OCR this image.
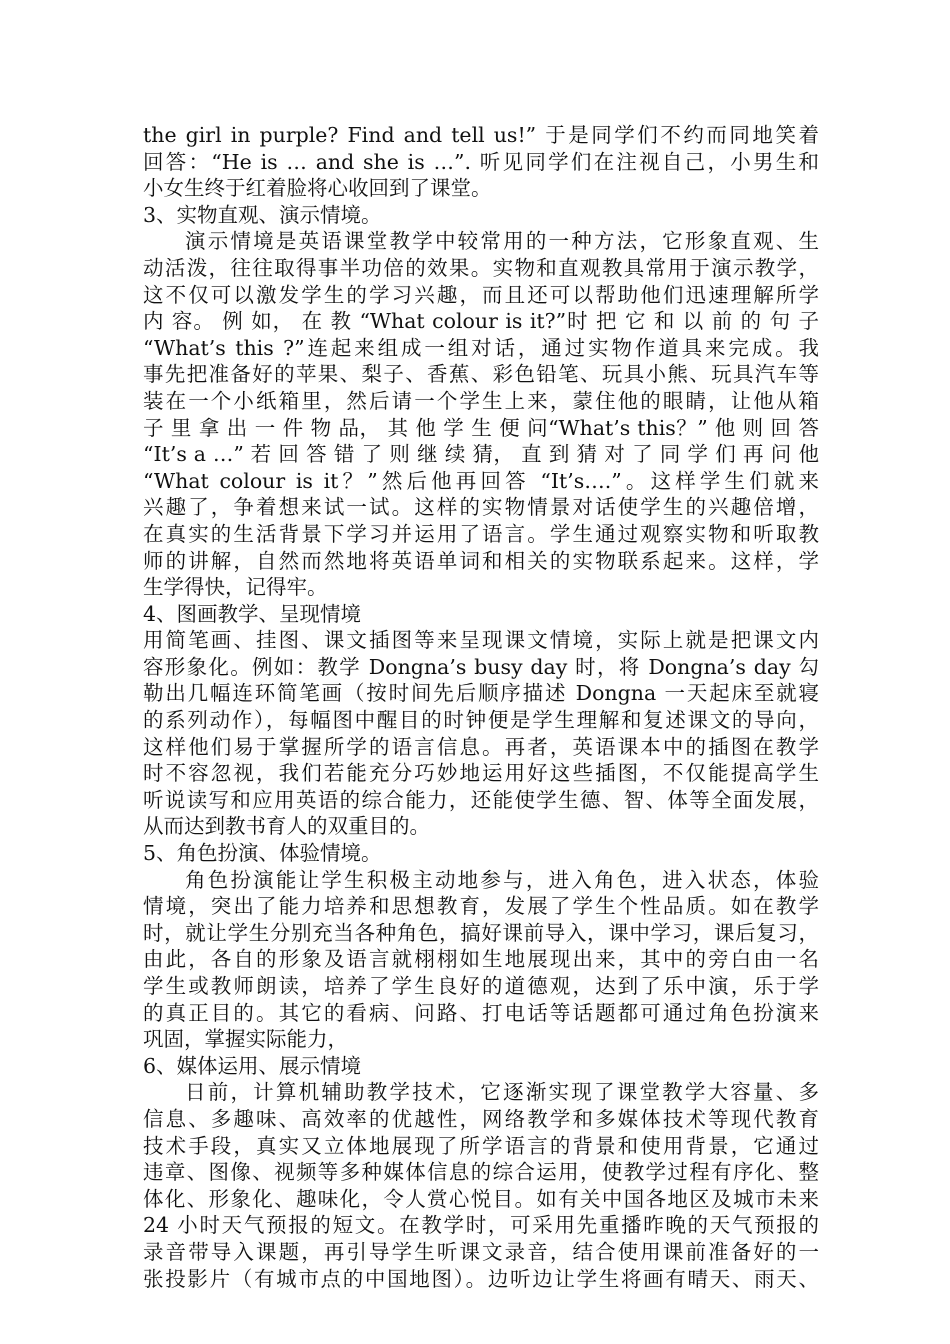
the girl in purple? Find and tell us!” 于是同学们不约而同地笑着
回答：“He is … and she is …”. 听见同学们在注视自己，小男生和
小女生终于红着脸将心收回到了课堂。
3、实物直观、演示情境。
演示情境是英语课堂教学中较常用的一种方法，它形象直观、生
动活泼，往往取得事半功倍的效果。实物和直观教具常用于演示教学，
这不仅可以激发学生的学习兴趣，而且还可以帮助他们迅速理解所学
内 容。 例 如， 在 教 “What colour is it?”时 把 它 和 以 前 的 句 子
“What’s this ?”连起来组成一组对话，通过实物作道具来完成。我
事先把准备好的苹果、梨子、香蕉、彩色铅笔、玩具小熊、玩具汽车等
装在一个小纸箱里，然后请一个学生上来，蒙住他的眼睛，让他从箱
子 里 拿 出 一 件 物 品， 其 他 学 生 便 问“What’s this？” 他 则 回 答
“It’s a …” 若 回 答 错 了 则 继 续 猜， 直 到 猜 对 了 同 学 们 再 问 他
“What colour is it？”然后他再回答 “It’s….”。这样学生们就来
兴趣了，争着想来试一试。这样的实物情景对话使学生的兴趣倍增，
在真实的生活背景下学习并运用了语言。学生通过观察实物和听取教
师的讲解，自然而然地将英语单词和相关的实物联系起来。这样，学
生学得快，记得牢。
4、图画教学、呈现情境
用简笔画、挂图、课文插图等来呈现课文情境，实际上就是把课文内
容形象化。例如：教学 Dongna’s busy day 时，将 Dongna’s day 勾
勒出几幅连环简笔画（按时间先后顺序描述 Dongna 一天起床至就寝
的系列动作），每幅图中醒目的时钟便是学生理解和复述课文的导向，
这样他们易于掌握所学的语言信息。再者，英语课本中的插图在教学
时不容忽视，我们若能充分巧妙地运用好这些插图，不仅能提高学生
听说读写和应用英语的综合能力，还能使学生德、智、体等全面发展，
从而达到教书育人的双重目的。
5、角色扮演、体验情境。
角色扮演能让学生积极主动地参与，进入角色，进入状态，体验
情境，突出了能力培养和思想教育，发展了学生个性品质。如在教学
时，就让学生分别充当各种角色，搞好课前导入，课中学习，课后复习，
由此，各自的形象及语言就栩栩如生地展现出来，其中的旁白由一名
学生或教师朗读，培养了学生良好的道德观，达到了乐中演，乐于学
的真正目的。其它的看病、问路、打电话等话题都可通过角色扮演来
巩固，掌握实际能力，
6、媒体运用、展示情境
日前，计算机辅助教学技术，它逐渐实现了课堂教学大容量、多
信息、多趣味、高效率的优越性，网络教学和多媒体技术等现代教育
技术手段，真实又立体地展现了所学语言的背景和使用背景，它通过
违章、图像、视频等多种媒体信息的综合运用，使教学过程有序化、整
体化、形象化、趣味化，令人赏心悦目。如有关中国各地区及城市未来
24 小时天气预报的短文。在教学时，可采用先重播昨晚的天气预报的
录音带导入课题，再引导学生听课文录音，结合使用课前准备好的一
张投影片（有城市点的中国地图）。边听边让学生将画有晴天、雨天、
